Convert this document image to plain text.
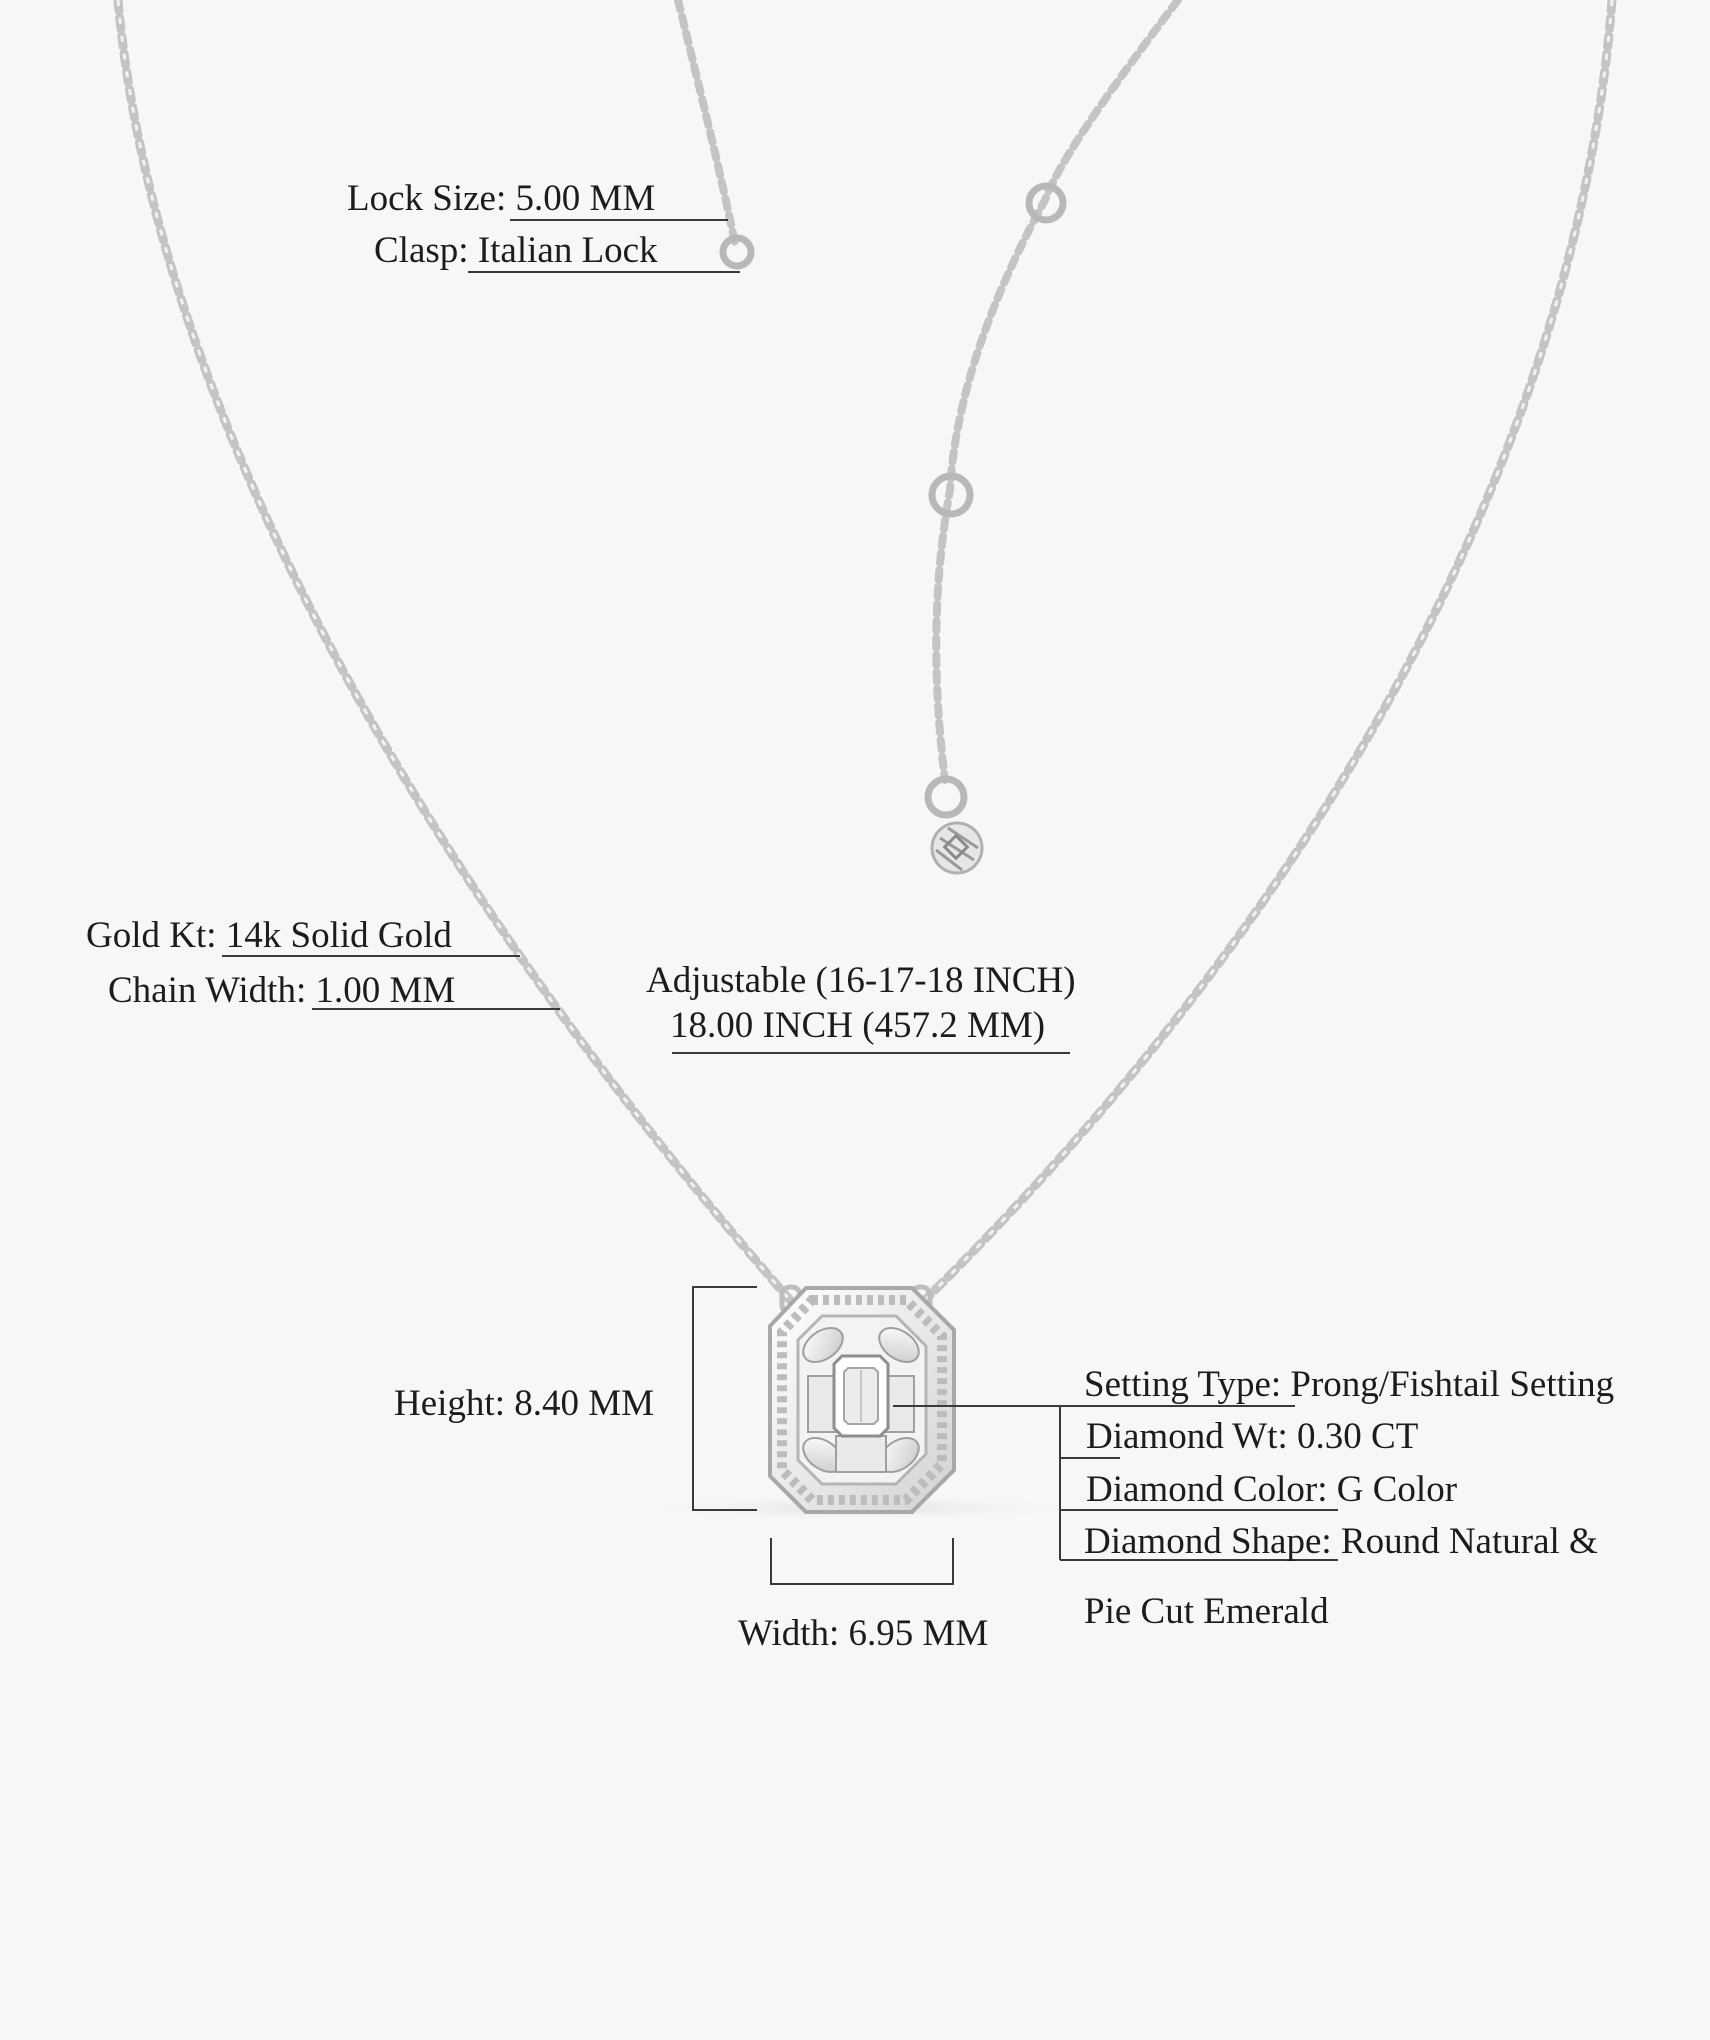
Lock Size: 5.00 MM
Clasp: Italian Lock
Gold Kt: 14k Solid Gold
Chain Width: 1.00 MM	Adjustable (16-17-18 INCH)
18.00 INCH (457.2 MM)
Height: 8.40 MM
Width: 6.95 MM
Setting Type: Prong/Fishtail Setting
Diamond Wt: 0.30 CT
Diamond Color: G Color
Diamond Shape: Round Natural &
Pie Cut Emerald
